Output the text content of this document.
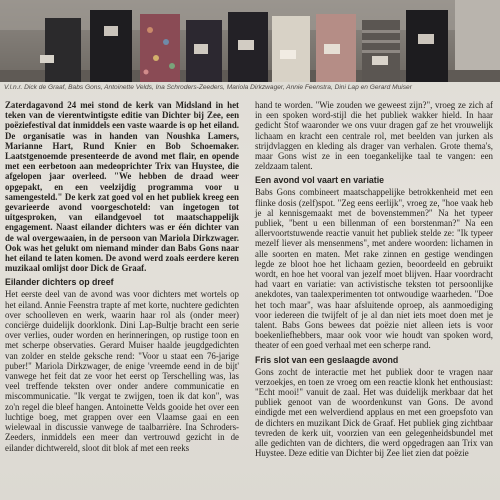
V.l.n.r. Dick de Graaf, Babs Gons, Antoinette Velds, Ina Schroders-Zeeders, Mariola Dirkzwager, Annie Feenstra, Dini Lap en Gerard Muiser

Zaterdagavond 24 mei stond de kerk van Midsland in het teken van de vierentwintigste editie van Dichter bij Zee, een poëziefestival dat inmiddels een vaste waarde is op het eiland. De organisatie was in handen van Noushka Lamers, Marianne Hart, Rund Knier en Bob Schoemaker. Laatstgenoemde presenteerde de avond met flair, en opende met een eerbetoon aan medeoprichter Trix van Huystee, die afgelopen jaar overleed. "We hebben de draad weer opgepakt, en een veelzijdig programma voor u samengesteld." De kerk zat goed vol en het publiek kreeg een gevarieerde avond voorgeschoteld: van ingetogen tot uitgesproken, van eilandgevoel tot maatschappelijk engagement. Naast eilander dichters was er één dichter van de wal overgewaaien, in de persoon van Mariola Dirkzwager. Ook was het gelukt om niemand minder dan Babs Gons naar het eiland te laten komen. De avond werd zoals eerdere keren muzikaal omlijst door Dick de Graaf.

Eilander dichters op dreef

Het eerste deel van de avond was voor dichters met wortels op het eiland. Annie Feenstra trapte af met korte, nuchtere gedichten over schoolleven en werk, waarin haar rol als (onder meer) conciërge duidelijk doorklonk. Dini Lap-Bultje bracht een serie over verlies, ouder worden en herinneringen, op rustige toon en met scherpe observaties. Gerard Muiser haalde jeugdgedichten van zolder en stelde geksche rend: "Voor u staat een 76-jarige puber!" Mariola Dirkzwager, de enige 'vreemde eend in de bijt' vanwege het feit dat ze voor het eerst op Terschelling was, las veel treffende teksten over onder andere communicatie en miscommunicatie. "Ik vergat te zwijgen, toen ik dat kon", was zo'n regel die bleef hangen. Antoinette Velds gooide het over een luchtige boeg, met grappen over een Vlaamse gaai en een wielewaal in discussie vanwege de taalbarrière. Ina Schroders-Zeeders, inmiddels een meer dan vertrouwd gezicht in de eilander dichtwereld, sloot dit blok af met een reeks

hand te worden. "Wie zouden we geweest zijn?", vroeg ze zich af in een spoken word-stijl die het publiek wakker hield. In haar gedicht Stof waaronder we ons vuur dragen gaf ze het vrouwelijk lichaam en kracht een centrale rol, met beelden van jurken als strijdvlaggen en kleding als drager van verhalen. Grote thema's, maar Gons wist ze in een toegankelijke taal te vangen: een zeldzaam talent.

Een avond vol vaart en variatie

Babs Gons combineert maatschappelijke betrokkenheid met een flinke dosis (zelf)spot. "Zeg eens eerlijk", vroeg ze, "hoe vaak heb je al kennisgemaakt met de bovenstemmen?" Na het typeer publiek, "bent u een billenman of een borstenman?" Na een allervoortstuwende reactie vanuit het publiek stelde ze: "Ik typeer mezelf liever als mensenmens", met andere woorden: lichamen in alle soorten en maten. Met rake zinnen en gestige wendingen legde ze bloot hoe het lichaam gezien, beoordeeld en gebruikt wordt, en hoe het vooral van jezelf moet blijven. Haar voordracht had vaart en variatie: van activistische teksten tot persoonlijke anekdotes, van taalexperimenten tot ontwoudige waarheden. "Doe het toch maar", was haar afsluitende oproep, als aanmoediging voor iedereen die twijfelt of je al dan niet iets moet doen met je talent. Babs Gons bewees dat poëzie niet alleen iets is voor boekenliefhebbers, maar ook voor wie houdt van spoken word, theater of een goed verhaal met een scherpe rand.

Fris slot van een geslaagde avond

Gons zocht de interactie met het publiek door te vragen naar verzoekjes, en toen ze vroeg om een reactie klonk het enthousiast: "Echt mooi!" vanuit de zaal. Het was duidelijk merkbaar dat het publiek genoot van de woordenkunst van Gons. De avond eindigde met een welverdiend applaus en met een groepsfoto van de dichters en muzikant Dick de Graaf. Het publiek ging zichtbaar tevreden de kerk uit, voorzien van een gelegenheidsbundel met alle gedichten van de dichters, die werd opgedragen aan Trix van Huystee. Deze editie van Dichter bij Zee liet zien dat poëzie
